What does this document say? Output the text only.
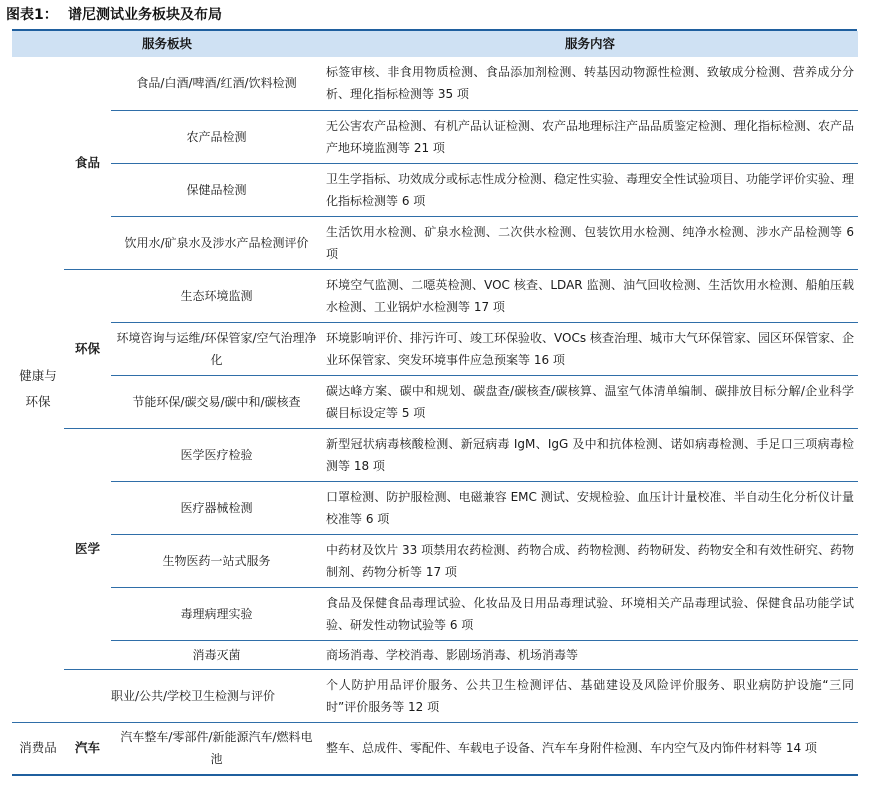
图表1： 谱尼测试业务板块及布局
服务板块			服务内容
健康与环保	食品	食品/白酒/啤酒/红酒/饮料检测	标签审核、非食用物质检测、食品添加剂检测、转基因动物源性检测、致敏成分检测、营养成分分析、理化指标检测等 35 项
		农产品检测	无公害农产品检测、有机产品认证检测、农产品地理标注产品品质鉴定检测、理化指标检测、农产品产地环境监测等 21 项
		保健品检测	卫生学指标、功效成分或标志性成分检测、稳定性实验、毒理安全性试验项目、功能学评价实验、理化指标检测等 6 项
		饮用水/矿泉水及涉水产品检测评价	生活饮用水检测、矿泉水检测、二次供水检测、包装饮用水检测、纯净水检测、涉水产品检测等 6 项
	环保	生态环境监测	环境空气监测、二噁英检测、VOC 核查、LDAR 监测、油气回收检测、生活饮用水检测、船舶压载水检测、工业锅炉水检测等 17 项
		环境咨询与运维/环保管家/空气治理净化	环境影响评价、排污许可、竣工环保验收、VOCs 核查治理、城市大气环保管家、园区环保管家、企业环保管家、突发环境事件应急预案等 16 项
		节能环保/碳交易/碳中和/碳核查	碳达峰方案、碳中和规划、碳盘查/碳核查/碳核算、温室气体清单编制、碳排放目标分解/企业科学碳目标设定等 5 项
	医学	医学医疗检验	新型冠状病毒核酸检测、新冠病毒 IgM、IgG 及中和抗体检测、诺如病毒检测、手足口三项病毒检测等 18 项
		医疗器械检测	口罩检测、防护服检测、电磁兼容 EMC 测试、安规检验、血压计计量校准、半自动生化分析仪计量校准等 6 项
		生物医药一站式服务	中药材及饮片 33 项禁用农药检测、药物合成、药物检测、药物研发、药物安全和有效性研究、药物制剂、药物分析等 17 项
		毒理病理实验	食品及保健食品毒理试验、化妆品及日用品毒理试验、环境相关产品毒理试验、保健食品功能学试验、研发性动物试验等 6 项
		消毒灭菌	商场消毒、学校消毒、影剧场消毒、机场消毒等
	职业/公共/学校卫生检测与评价		个人防护用品评价服务、公共卫生检测评估、基础建设及风险评价服务、职业病防护设施“三同时”评价服务等 12 项
消费品	汽车	汽车整车/零部件/新能源汽车/燃料电池	整车、总成件、零配件、车载电子设备、汽车车身附件检测、车内空气及内饰件材料等 14 项
